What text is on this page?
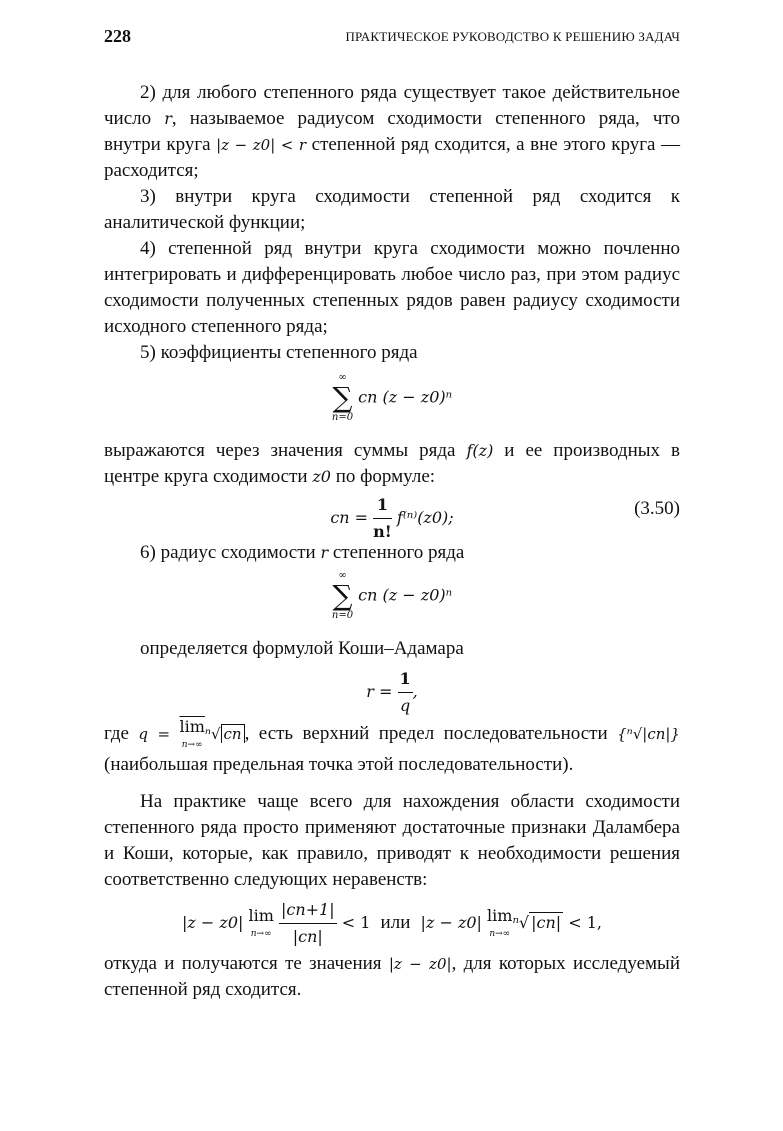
228	ПРАКТИЧЕСКОЕ РУКОВОДСТВО К РЕШЕНИЮ ЗАДАЧ

2) для любого степенного ряда существует такое действительное число r, называемое радиусом сходимости степенного ряда, что внутри круга |z − z0| < r степенной ряд сходится, а вне этого круга — расходится;

3) внутри круга сходимости степенной ряд сходится к аналитической функции;

4) степенной ряд внутри круга сходимости можно почленно интегрировать и дифференцировать любое число раз, при этом радиус сходимости полученных степенных рядов равен радиусу сходимости исходного степенного ряда;

5) коэффициенты степенного ряда

∞
∑
n=0 cn (z − z0)ⁿ

выражаются через значения суммы ряда f(z) и ее производных в центре круга сходимости z0 по формуле:

cn = $\frac{1}{n!} f^{(n)}(z0)$;	(3.50)

6) радиус сходимости r степенного ряда

∞
∑
n=0 cn (z − z0)ⁿ

определяется формулой Коши–Адамара

$r = \frac{1}{q}$ ,

где $q = \overline{lim}$
n→∞ⁿ√ cn , есть верхний предел последовательности {ⁿ√|cn|} (наибольшая предельная точка этой последовательности).

На практике чаще всего для нахождения области сходимости степенного ряда просто применяют достаточные признаки Даламбера и Коши, которые, как правило, приводят к необходимости решения соответственно следующих неравенств:

|z − z0| lim
$n\to\infty \frac{|cn+1|}{|cn|} < 1$ или |z − z0| lim
n→∞ⁿ√ |cn| < 1,

откуда и получаются те значения |z − z0|, для которых исследуемый степенной ряд сходится.
